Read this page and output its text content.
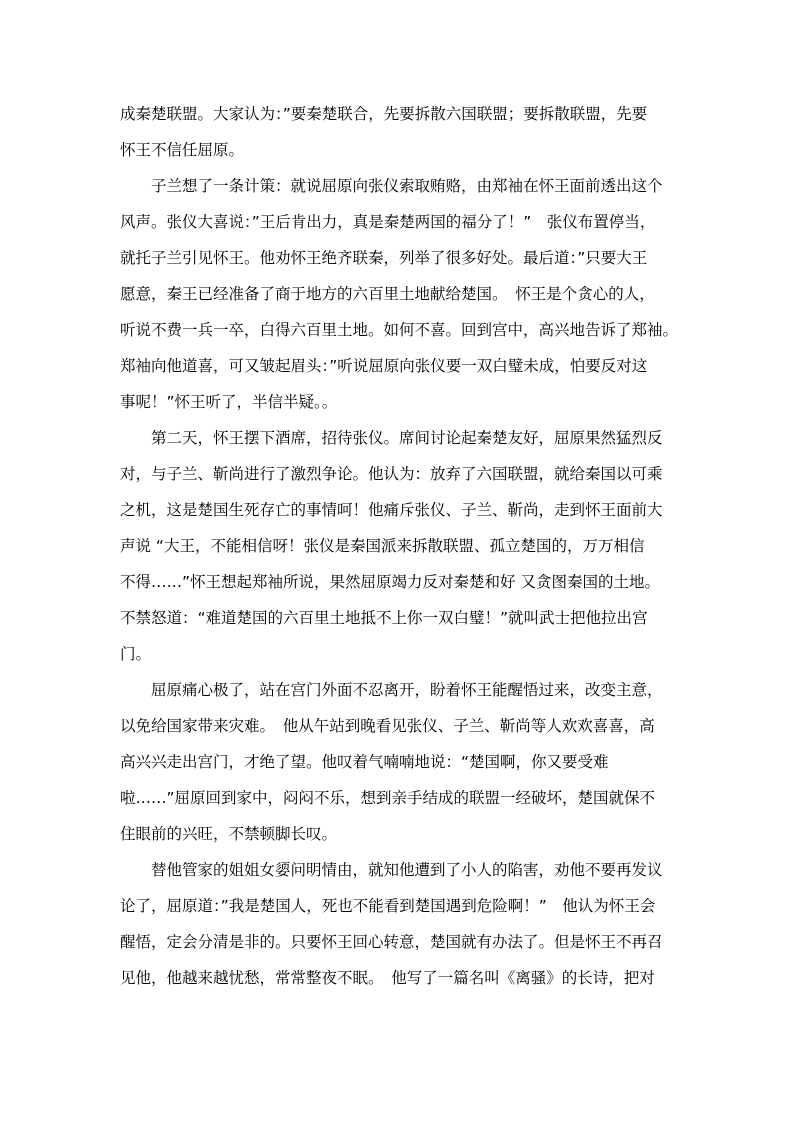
成秦楚联盟。大家认为：”要秦楚联合，先要拆散六国联盟；要拆散联盟，先要
怀王不信任屈原。
　　子兰想了一条计策：就说屈原向张仪索取贿赂，由郑袖在怀王面前透出这个
风声。张仪大喜说：”王后肯出力，真是秦楚两国的福分了！”　张仪布置停当，
就托子兰引见怀王。他劝怀王绝齐联秦，列举了很多好处。最后道：”只要大王
愿意，秦王已经准备了商于地方的六百里土地献给楚国。　怀王是个贪心的人，
听说不费一兵一卒，白得六百里土地。如何不喜。回到宫中，高兴地告诉了郑袖。
郑袖向他道喜，可又皱起眉头：”听说屈原向张仪要一双白璧未成，怕要反对这
事呢！”怀王听了，半信半疑。。
　　第二天，怀王摆下酒席，招待张仪。席间讨论起秦楚友好，屈原果然猛烈反
对，与子兰、靳尚进行了激烈争论。他认为：放弃了六国联盟，就给秦国以可乘
之机，这是楚国生死存亡的事情呵！他痛斥张仪、子兰、靳尚，走到怀王面前大
声说 “大王，不能相信呀！张仪是秦国派来拆散联盟、孤立楚国的，万万相信
不得……”怀王想起郑袖所说，果然屈原竭力反对秦楚和好 又贪图秦国的土地。
不禁怒道：“难道楚国的六百里土地抵不上你一双白璧！”就叫武士把他拉出宫
门。
　　屈原痛心极了，站在宫门外面不忍离开，盼着怀王能醒悟过来，改变主意，
以免给国家带来灾难。　他从午站到晚看见张仪、子兰、靳尚等人欢欢喜喜，高
高兴兴走出宫门，才绝了望。他叹着气喃喃地说：“楚国啊，你又要受难
啦……”屈原回到家中，闷闷不乐，想到亲手结成的联盟一经破坏，楚国就保不
住眼前的兴旺，不禁顿脚长叹。
　　替他管家的姐姐女媭问明情由，就知他遭到了小人的陷害，劝他不要再发议
论了，屈原道：”我是楚国人，死也不能看到楚国遇到危险啊！”　他认为怀王会
醒悟，定会分清是非的。只要怀王回心转意，楚国就有办法了。但是怀王不再召
见他，他越来越忧愁，常常整夜不眠。　他写了一篇名叫《离骚》的长诗，把对
